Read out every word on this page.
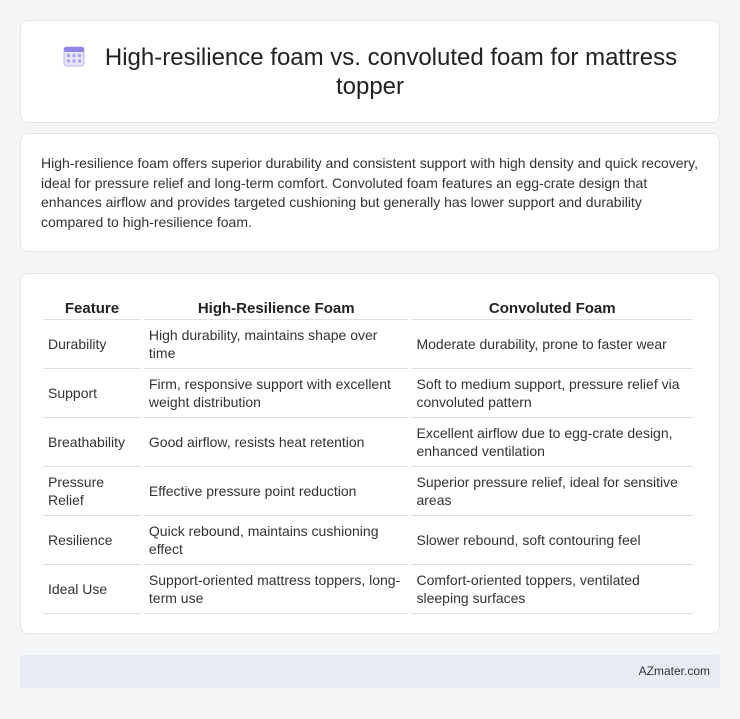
High-resilience foam vs. convoluted foam for mattress topper

High-resilience foam offers superior durability and consistent support with high density and quick recovery, ideal for pressure relief and long-term comfort. Convoluted foam features an egg-crate design that enhances airflow and provides targeted cushioning but generally has lower support and durability compared to high-resilience foam.

Feature	High-Resilience Foam	Convoluted Foam
Durability	High durability, maintains shape over time	Moderate durability, prone to faster wear
Support	Firm, responsive support with excellent weight distribution	Soft to medium support, pressure relief via convoluted pattern
Breathability	Good airflow, resists heat retention	Excellent airflow due to egg-crate design, enhanced ventilation
Pressure Relief	Effective pressure point reduction	Superior pressure relief, ideal for sensitive areas
Resilience	Quick rebound, maintains cushioning effect	Slower rebound, soft contouring feel
Ideal Use	Support-oriented mattress toppers, long-term use	Comfort-oriented toppers, ventilated sleeping surfaces
AZmater.com
